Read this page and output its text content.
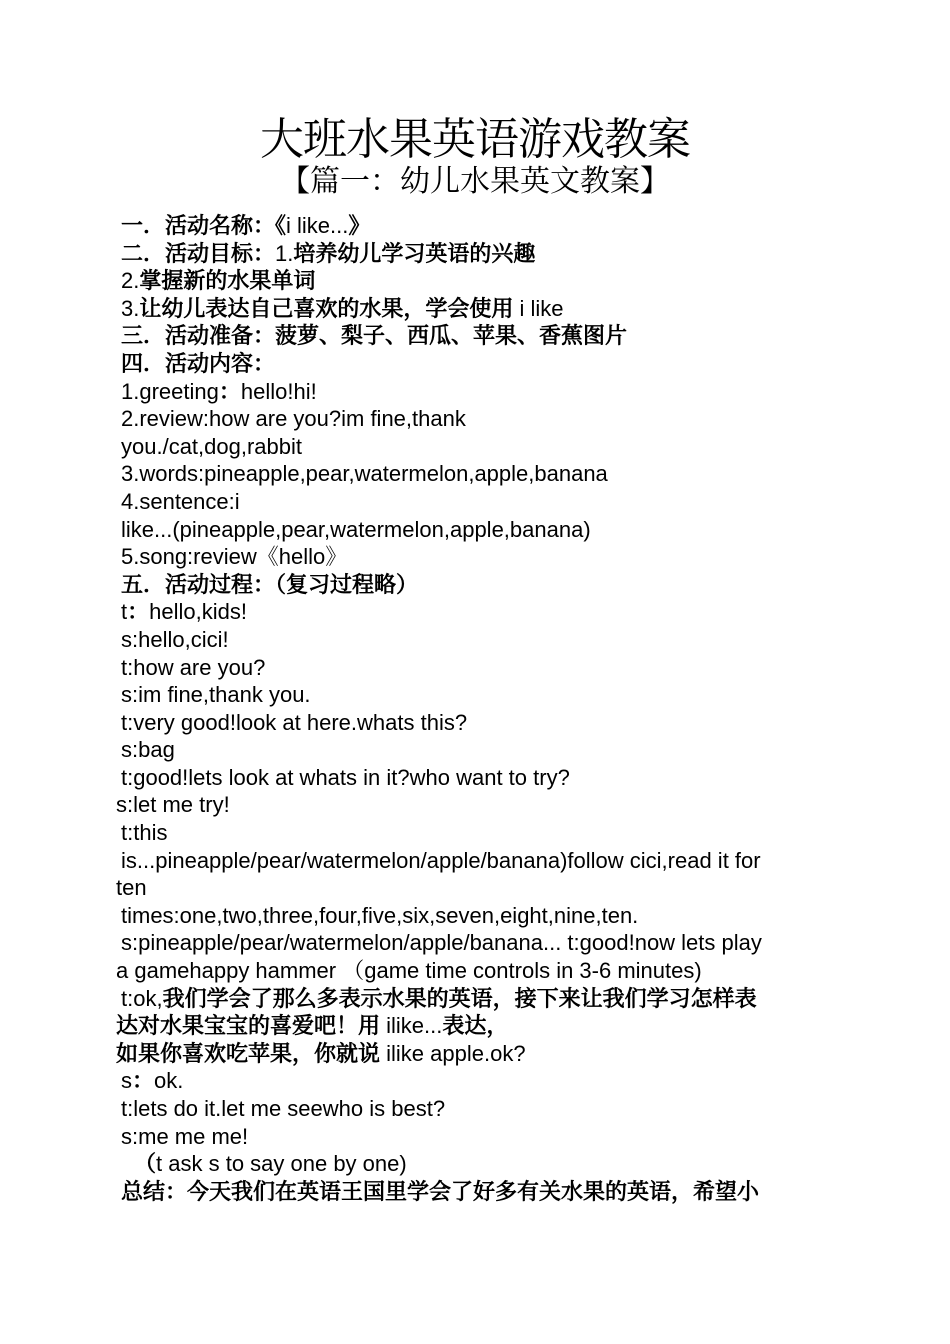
大班水果英语游戏教案
【篇一：幼儿水果英文教案】
一．活动名称：《i like...》
二．活动目标：1.培养幼儿学习英语的兴趣
2.掌握新的水果单词
3.让幼儿表达自己喜欢的水果，学会使用 i like
三．活动准备：菠萝、梨子、西瓜、苹果、香蕉图片
四．活动内容：
1.greeting：hello!hi!
2.review:how are you?im fine,thank
you./cat,dog,rabbit
3.words:pineapple,pear,watermelon,apple,banana
4.sentence:i
like...(pineapple,pear,watermelon,apple,banana)
5.song:review《hello》
五．活动过程：（复习过程略）
t：hello,kids!
s:hello,cici!
t:how are you?
s:im fine,thank you.
t:very good!look at here.whats this?
s:bag
t:good!lets look at whats in it?who want to try?
s:let me try!
t:this
is...pineapple/pear/watermelon/apple/banana)follow cici,read it for
ten
times:one,two,three,four,five,six,seven,eight,nine,ten.
s:pineapple/pear/watermelon/apple/banana... t:good!now lets play
a gamehappy hammer （game time controls in 3-6 minutes)
t:ok,我们学会了那么多表示水果的英语，接下来让我们学习怎样表
达对水果宝宝的喜爱吧！用 ilike...表达，
如果你喜欢吃苹果，你就说 ilike apple.ok?
s：ok.
t:lets do it.let me seewho is best?
s:me me me!
（t ask s to say one by one)
总结：今天我们在英语王国里学会了好多有关水果的英语，希望小
